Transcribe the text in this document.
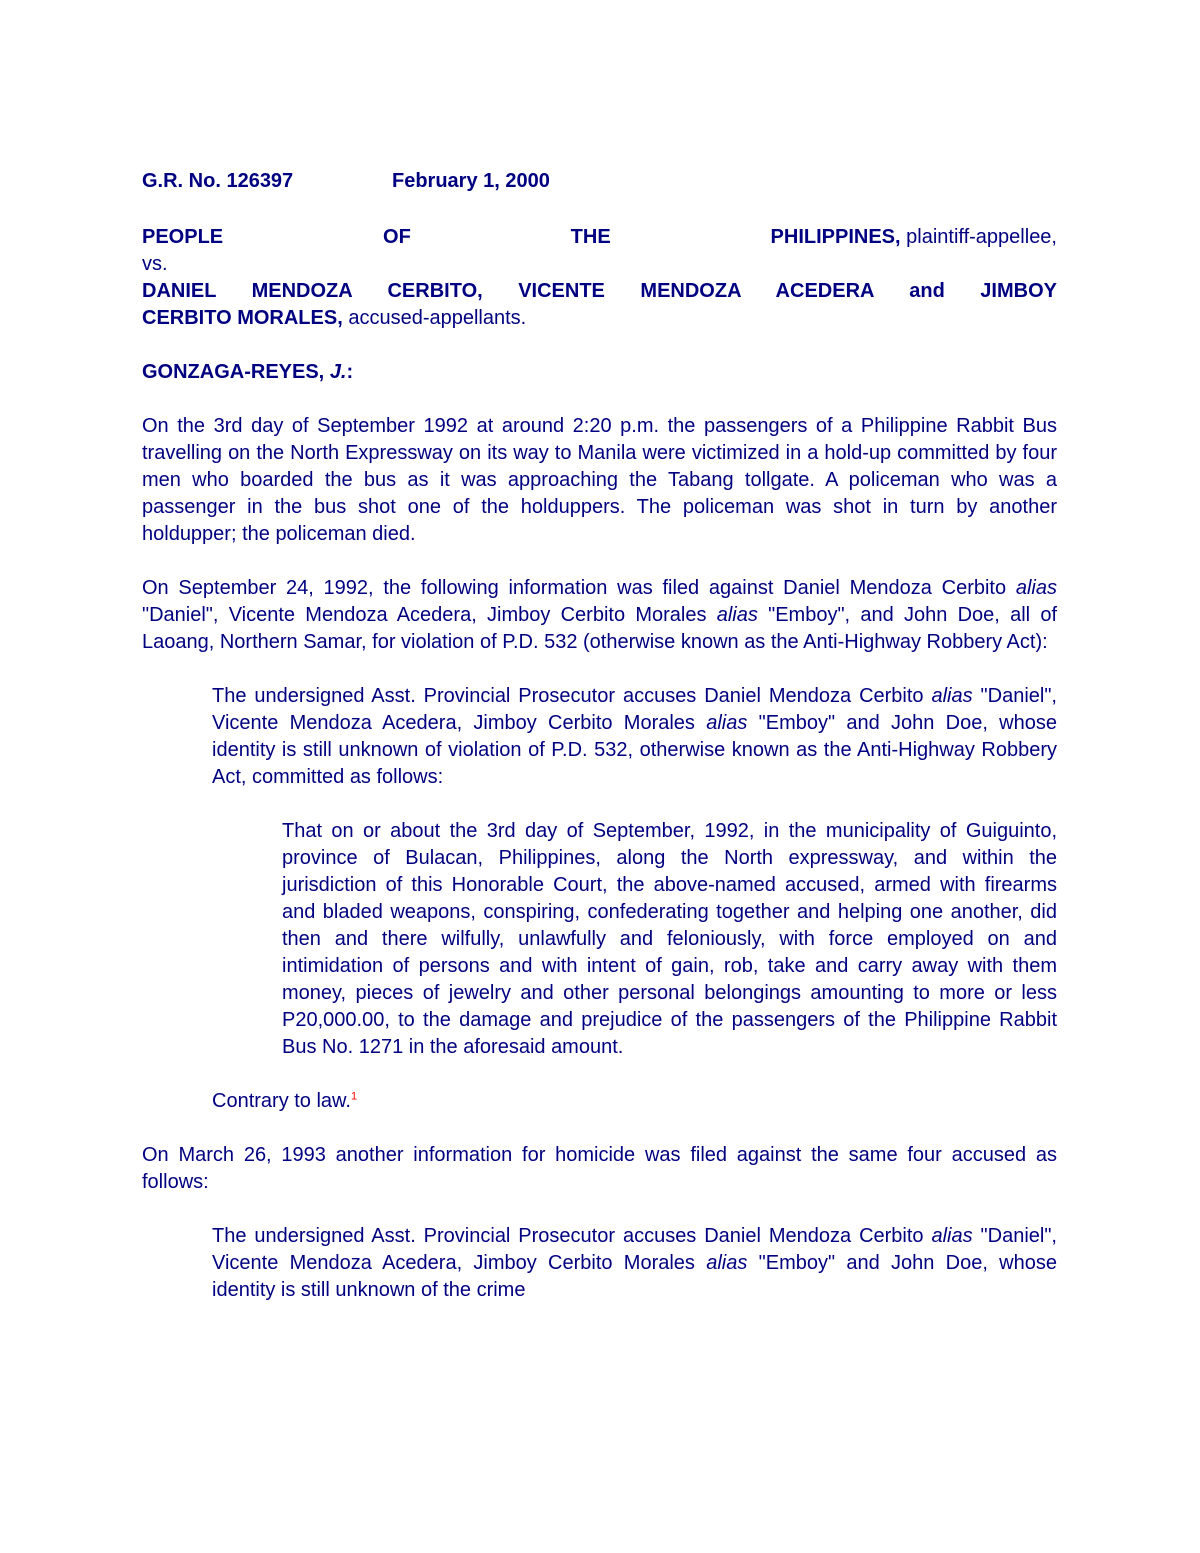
G.R. No. 126397	February 1, 2000
PEOPLE	OF	THE	PHILIPPINES, plaintiff-appellee,
vs.
DANIEL MENDOZA CERBITO, VICENTE MENDOZA ACEDERA and JIMBOY
CERBITO MORALES, accused-appellants.
GONZAGA-REYES, J.:

On the 3rd day of September 1992 at around 2:20 p.m. the passengers of a Philippine Rabbit Bus travelling on the North Expressway on its way to Manila were victimized in a hold-up committed by four men who boarded the bus as it was approaching the Tabang tollgate. A policeman who was a passenger in the bus shot one of the holduppers. The policeman was shot in turn by another holdupper; the policeman died.

On September 24, 1992, the following information was filed against Daniel Mendoza Cerbito alias "Daniel", Vicente Mendoza Acedera, Jimboy Cerbito Morales alias "Emboy", and John Doe, all of Laoang, Northern Samar, for violation of P.D. 532 (otherwise known as the Anti-Highway Robbery Act):

The undersigned Asst. Provincial Prosecutor accuses Daniel Mendoza Cerbito alias "Daniel", Vicente Mendoza Acedera, Jimboy Cerbito Morales alias "Emboy" and John Doe, whose identity is still unknown of violation of P.D. 532, otherwise known as the Anti-Highway Robbery Act, committed as follows:

That on or about the 3rd day of September, 1992, in the municipality of Guiguinto, province of Bulacan, Philippines, along the North expressway, and within the jurisdiction of this Honorable Court, the above-named accused, armed with firearms and bladed weapons, conspiring, confederating together and helping one another, did then and there wilfully, unlawfully and feloniously, with force employed on and intimidation of persons and with intent of gain, rob, take and carry away with them money, pieces of jewelry and other personal belongings amounting to more or less P20,000.00, to the damage and prejudice of the passengers of the Philippine Rabbit Bus No. 1271 in the aforesaid amount.

Contrary to law.$^1$

On March 26, 1993 another information for homicide was filed against the same four accused as follows:

The undersigned Asst. Provincial Prosecutor accuses Daniel Mendoza Cerbito alias "Daniel", Vicente Mendoza Acedera, Jimboy Cerbito Morales alias "Emboy" and John Doe, whose identity is still unknown of the crime
